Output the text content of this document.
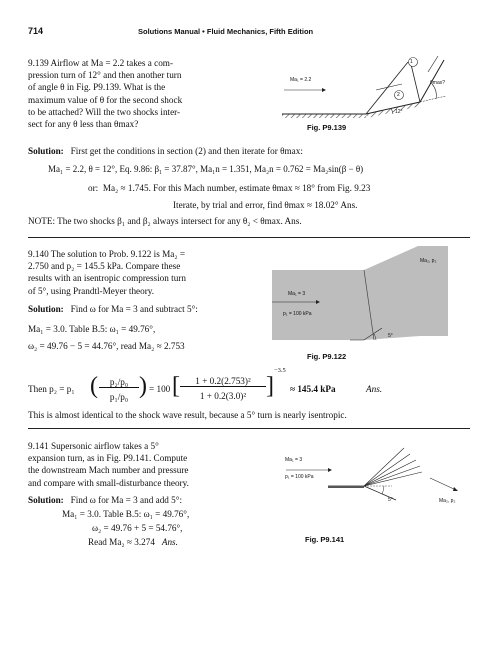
714	Solutions Manual • Fluid Mechanics, Fifth Edition
9.139 Airflow at Ma = 2.2 takes a com-
pression turn of 12° and then another turn
of angle θ in Fig. P9.139. What is the
maximum value of θ for the second shock
to be attached? Will the two shocks inter-
sect for any θ less than θmax?
Ma₁ = 2.2
1
2
θmax?
12°
Fig. P9.139
Solution: First get the conditions in section (2) and then iterate for θmax:
Ma₁ = 2.2, θ = 12°, Eq. 9.86: β₁ = 37.87°, Ma₁n = 1.351, Ma₂n = 0.762 = Ma₂sin(β − θ)
or: Ma₂ ≈ 1.745. For this Mach number, estimate θmax ≈ 18° from Fig. 9.23
Iterate, by trial and error, find θmax ≈ 18.02° Ans.
NOTE: The two shocks β₁ and β₂ always intersect for any θ₂ < θmax. Ans.
9.140 The solution to Prob. 9.122 is Ma₂ =
2.750 and p₂ = 145.5 kPa. Compare these
results with an isentropic compression turn
of 5°, using Prandtl-Meyer theory.	Ma₁ = 3
p₁ = 100 kPa
Ma₂, p₂
5°
Fig. P9.122
Solution: Find ω for Ma = 3 and subtract 5°:
Ma₁ = 3.0. Table B.5: ω₁ = 49.76°,
ω₂ = 49.76 − 5 = 44.76°, read Ma₂ ≈ 2.753
Then p₂ = p₁ (	p₂/p₀
p₁/p₀ ) = 100 [	1 + 0.2(2.753)²
1 + 0.2(3.0)² ]
−3.5
≈ 145.4 kPa	Ans.
This is almost identical to the shock wave result, because a 5° turn is nearly isentropic.
9.141 Supersonic airflow takes a 5°
expansion turn, as in Fig. P9.141. Compute
the downstream Mach number and pressure
and compare with small-disturbance theory.
Ma₁ = 3
p₁ = 100 kPa
Ma₂, p₂
5°
Fig. P9.141
Solution: Find ω for Ma = 3 and add 5°:
Ma₁ = 3.0. Table B.5: ω₁ = 49.76°,
ω₂ = 49.76 + 5 = 54.76°,
Read Ma₂ ≈ 3.274 Ans.
